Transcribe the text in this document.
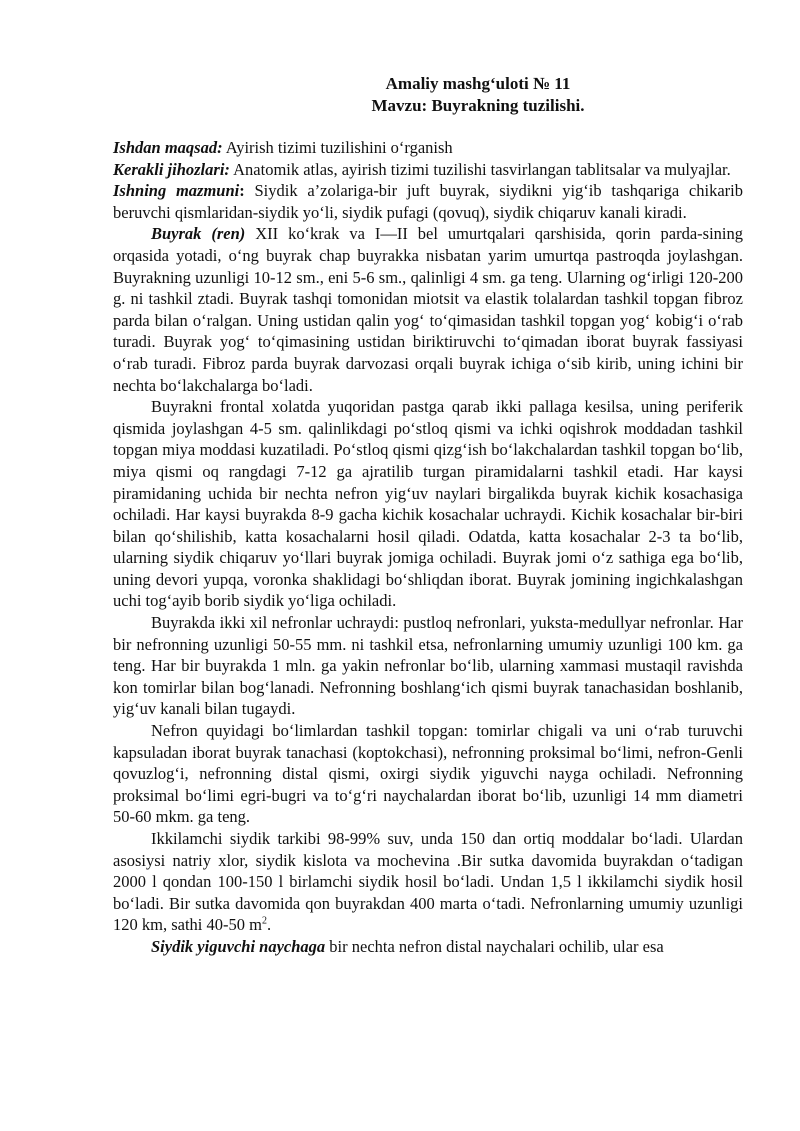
Amaliy mashg‘uloti № 11
Mavzu: Buyrakning tuzilishi.

Ishdan maqsad: Ayirish tizimi tuzilishini o‘rganish

Kerakli jihozlari: Anatomik atlas, ayirish tizimi tuzilishi tasvirlangan tablitsalar va mulyajlar.

Ishning mazmuni: Siydik a’zolariga-bir juft buyrak, siydikni yig‘ib tashqariga chikarib beruvchi qismlaridan-siydik yo‘li, siydik pufagi (qovuq), siydik chiqaruv kanali kiradi.

Buyrak (ren) XII ko‘krak va I—II bel umurtqalari qarshisida, qorin parda-sining orqasida yotadi, o‘ng buyrak chap buyrakka nisbatan yarim umurtqa pastroqda joylashgan. Buyrakning uzunligi 10-12 sm., eni 5-6 sm., qalinligi 4 sm. ga teng. Ularning og‘irligi 120-200 g. ni tashkil ztadi. Buyrak tashqi tomonidan miotsit va elastik tolalardan tashkil topgan fibroz parda bilan o‘ralgan. Uning ustidan qalin yog‘ to‘qimasidan tashkil topgan yog‘ kobig‘i o‘rab turadi. Buyrak yog‘ to‘qimasining ustidan biriktiruvchi to‘qimadan iborat buyrak fassiyasi o‘rab turadi. Fibroz parda buyrak darvozasi orqali buyrak ichiga o‘sib kirib, uning ichini bir nechta bo‘lakchalarga bo‘ladi.

Buyrakni frontal xolatda yuqoridan pastga qarab ikki pallaga kesilsa, uning periferik qismida joylashgan 4-5 sm. qalinlikdagi po‘stloq qismi va ichki oqishrok moddadan tashkil topgan miya moddasi kuzatiladi. Po‘stloq qismi qizg‘ish bo‘lakchalardan tashkil topgan bo‘lib, miya qismi oq rangdagi 7-12 ga ajratilib turgan piramidalarni tashkil etadi. Har kaysi piramidaning uchida bir nechta nefron yig‘uv naylari birgalikda buyrak kichik kosachasiga ochiladi. Har kaysi buyrakda 8-9 gacha kichik kosachalar uchraydi. Kichik kosachalar bir-biri bilan qo‘shilishib, katta kosachalarni hosil qiladi. Odatda, katta kosachalar 2-3 ta bo‘lib, ularning siydik chiqaruv yo‘llari buyrak jomiga ochiladi. Buyrak jomi o‘z sathiga ega bo‘lib, uning devori yupqa, voronka shaklidagi bo‘shliqdan iborat. Buyrak jomining ingichkalashgan uchi tog‘ayib borib siydik yo‘liga ochiladi.

Buyrakda ikki xil nefronlar uchraydi: pustloq nefronlari, yuksta-medullyar nefronlar. Har bir nefronning uzunligi 50-55 mm. ni tashkil etsa, nefronlarning umumiy uzunligi 100 km. ga teng. Har bir buyrakda 1 mln. ga yakin nefronlar bo‘lib, ularning xammasi mustaqil ravishda kon tomirlar bilan bog‘lanadi. Nefronning boshlang‘ich qismi buyrak tanachasidan boshlanib, yig‘uv kanali bilan tugaydi.

Nefron quyidagi bo‘limlardan tashkil topgan: tomirlar chigali va uni o‘rab turuvchi kapsuladan iborat buyrak tanachasi (koptokchasi), nefronning proksimal bo‘limi, nefron-Genli qovuzlog‘i, nefronning distal qismi, oxirgi siydik yiguvchi nayga ochiladi. Nefronning proksimal bo‘limi egri-bugri va to‘g‘ri naychalardan iborat bo‘lib, uzunligi 14 mm diametri 50-60 mkm. ga teng.

Ikkilamchi siydik tarkibi 98-99% suv, unda 150 dan ortiq moddalar bo‘ladi. Ulardan asosiysi natriy xlor, siydik kislota va mochevina .Bir sutka davomida buyrakdan o‘tadigan 2000 l qondan 100-150 l birlamchi siydik hosil bo‘ladi. Undan 1,5 l ikkilamchi siydik hosil bo‘ladi. Bir sutka davomida qon buyrakdan 400 marta o‘tadi. Nefronlarning umumiy uzunligi 120 km, sathi 40-50 $m^2$.

Siydik yiguvchi naychaga bir nechta nefron distal naychalari ochilib, ular esa
